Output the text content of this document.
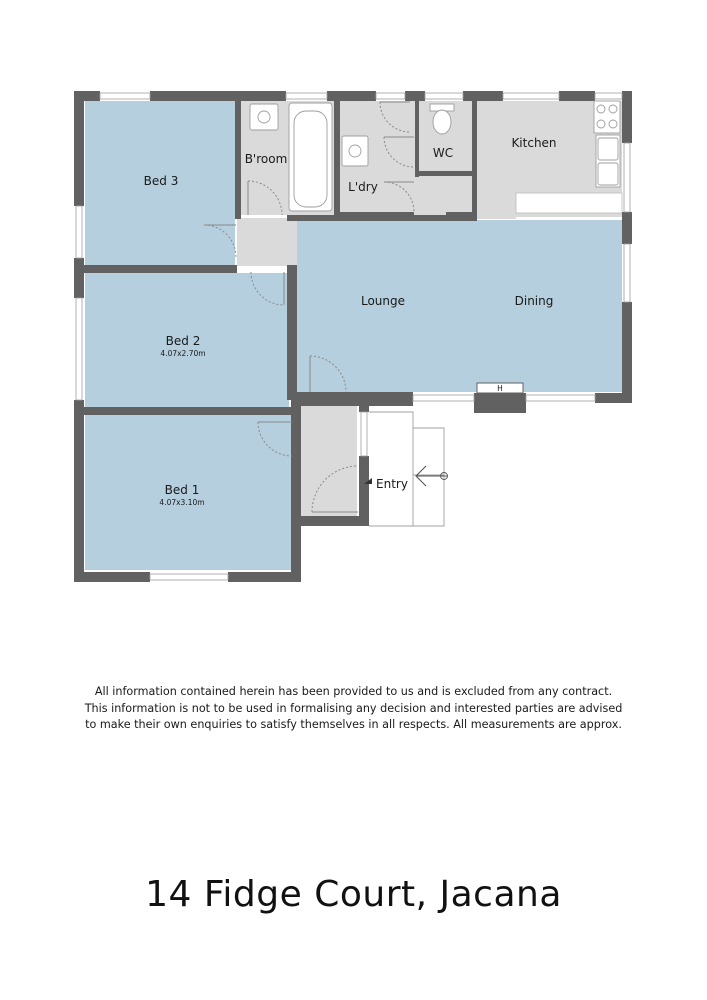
H
Bed 3
Bed 2
4.07x2.70m
Bed 1
4.07x3.10m
B'room
L'dry
WC
Kitchen
Lounge	Dining
Entry
All information contained herein has been provided to us and is excluded from any contract.
This information is not to be used in formalising any decision and interested parties are advised
to make their own enquiries to satisfy themselves in all respects. All measurements are approx.
14 Fidge Court, Jacana
